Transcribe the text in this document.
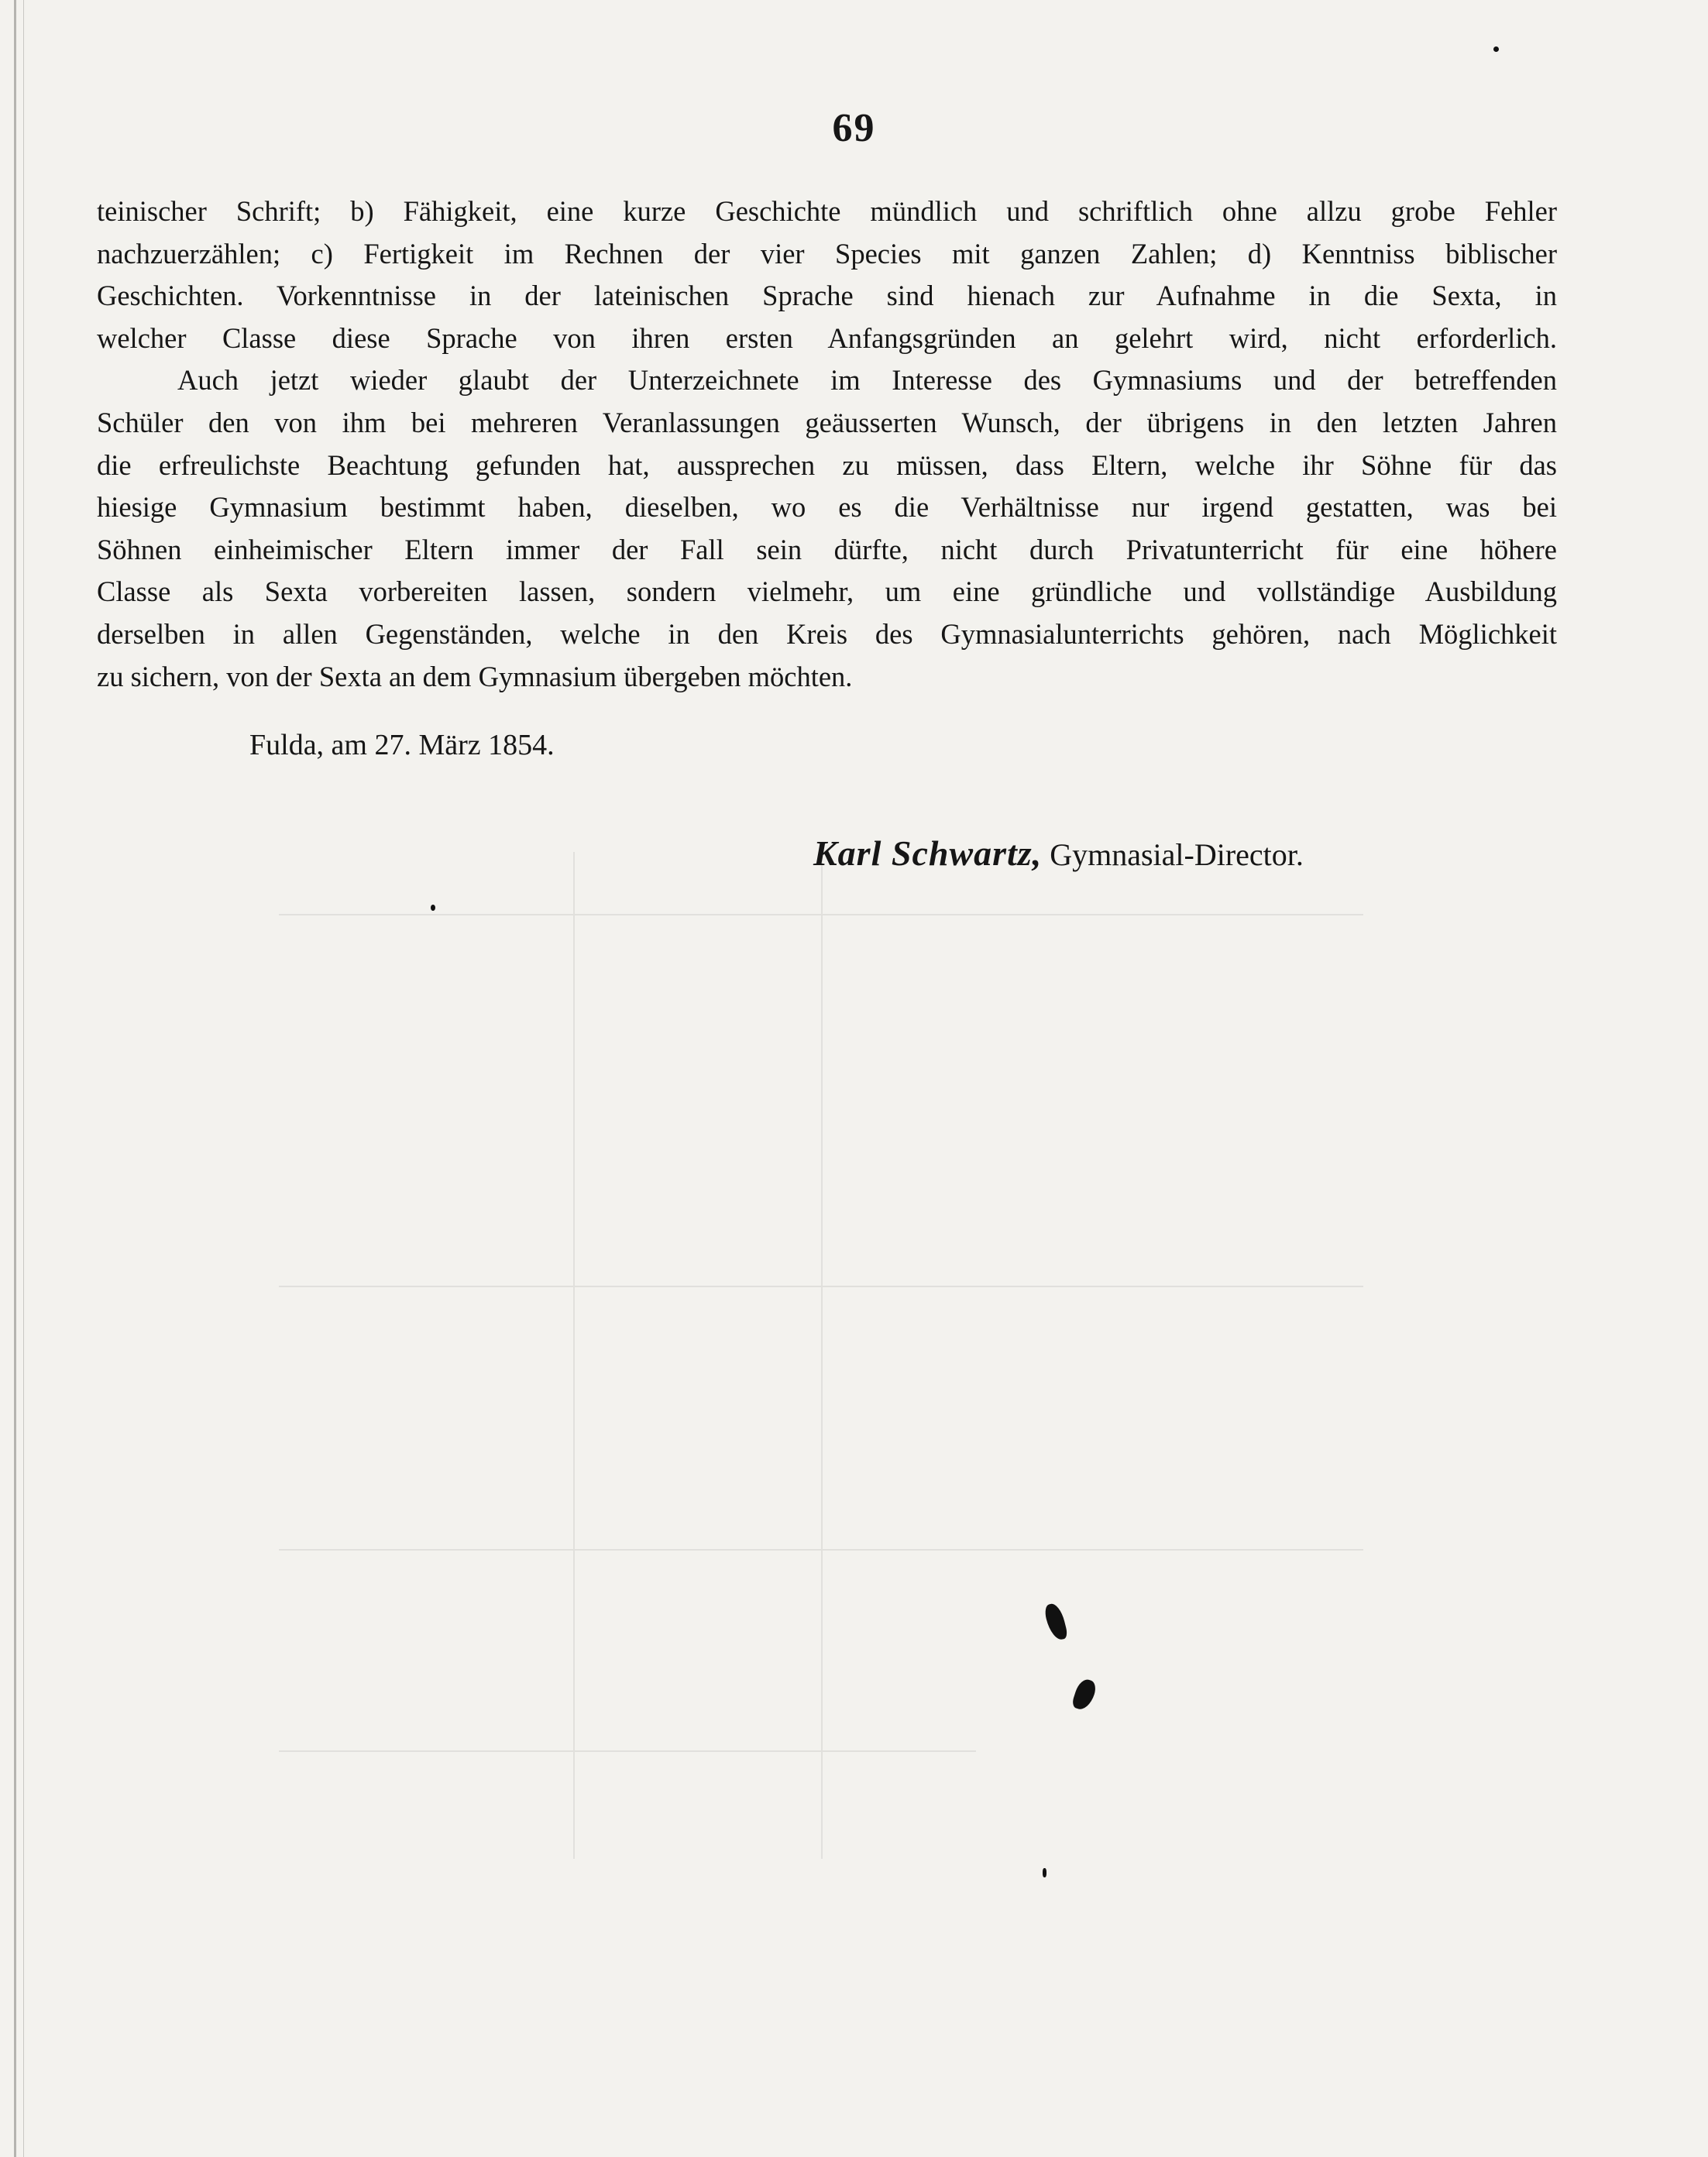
69
teinischer Schrift; b) Fähigkeit, eine kurze Geschichte mündlich und schriftlich ohne allzu grobe Fehler
nachzuerzählen; c) Fertigkeit im Rechnen der vier Species mit ganzen Zahlen; d) Kenntniss biblischer
Geschichten. Vorkenntnisse in der lateinischen Sprache sind hienach zur Aufnahme in die Sexta, in
welcher Classe diese Sprache von ihren ersten Anfangsgründen an gelehrt wird, nicht erforderlich.
Auch jetzt wieder glaubt der Unterzeichnete im Interesse des Gymnasiums und der betreffenden
Schüler den von ihm bei mehreren Veranlassungen geäusserten Wunsch, der übrigens in den letzten Jahren
die erfreulichste Beachtung gefunden hat, aussprechen zu müssen, dass Eltern, welche ihr Söhne für das
hiesige Gymnasium bestimmt haben, dieselben, wo es die Verhältnisse nur irgend gestatten, was bei
Söhnen einheimischer Eltern immer der Fall sein dürfte, nicht durch Privatunterricht für eine höhere
Classe als Sexta vorbereiten lassen, sondern vielmehr, um eine gründliche und vollständige Ausbildung
derselben in allen Gegenständen, welche in den Kreis des Gymnasialunterrichts gehören, nach Möglichkeit
zu sichern, von der Sexta an dem Gymnasium übergeben möchten.
Fulda, am 27. März 1854.
Karl Schwartz, Gymnasial-Director.
